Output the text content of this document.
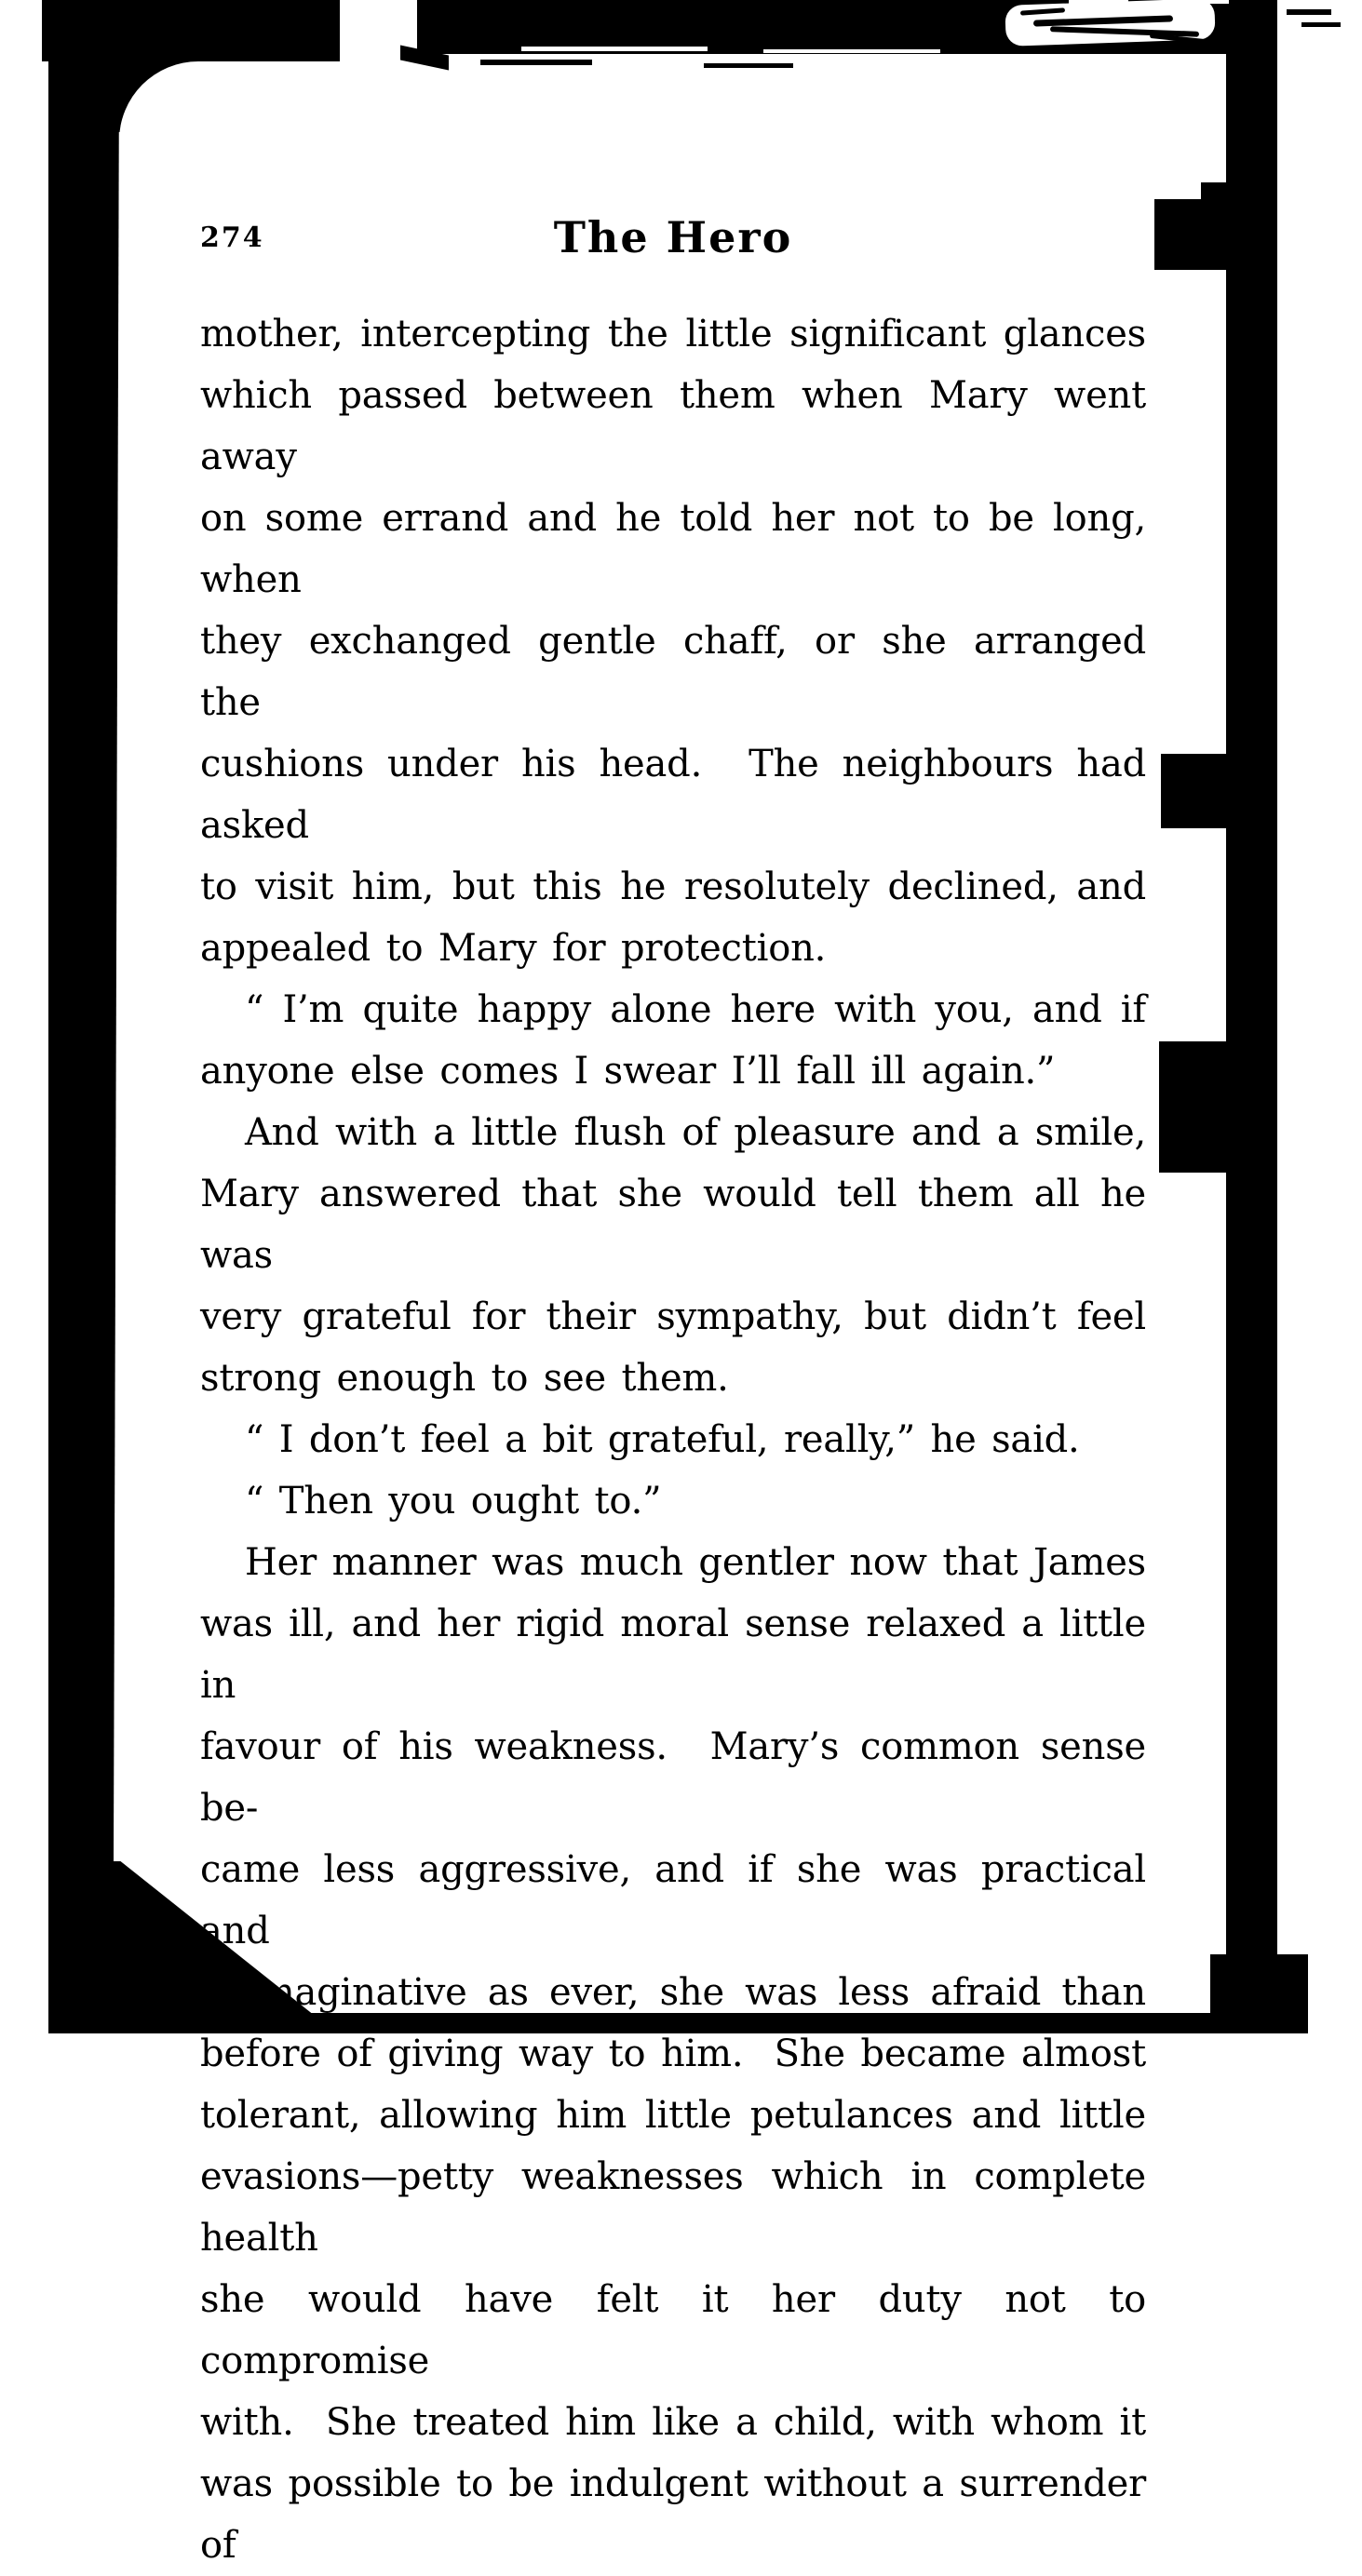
274	The Hero
mother, intercepting the little significant glances
which passed between them when Mary went away
on some errand and he told her not to be long, when
they exchanged gentle chaff, or she arranged the
cushions under his head.  The neighbours had asked
to visit him, but this he resolutely declined, and
appealed to Mary for protection.
“ I’m quite happy alone here with you, and if
anyone else comes I swear I’ll fall ill again.”
And with a little flush of pleasure and a smile,
Mary answered that she would tell them all he was
very grateful for their sympathy, but didn’t feel
strong enough to see them.
“ I don’t feel a bit grateful, really,” he said.
“ Then you ought to.”
Her manner was much gentler now that James
was ill, and her rigid moral sense relaxed a little in
favour of his weakness.  Mary’s common sense be-
came less aggressive, and if she was practical and
unimaginative as ever, she was less afraid than
before of giving way to him.  She became almost
tolerant, allowing him little petulances and little
evasions—petty weaknesses which in complete health
she would have felt it her duty not to compromise
with.  She treated him like a child, with whom it
was possible to be indulgent without a surrender of
